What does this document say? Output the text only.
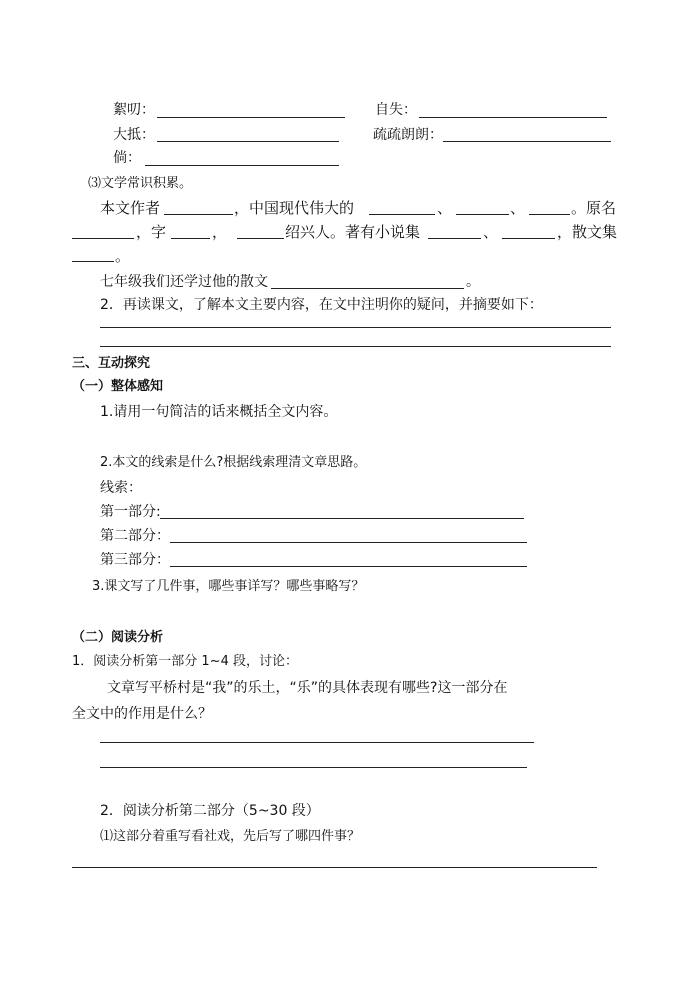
絮叨：	自失：
大抵：	疏疏朗朗：
倘：
⑶文学常识积累。
本文作者	，中国现代伟大的	、	、	。原名
，字	，	绍兴人。著有小说集	、	，散文集
。
七年级我们还学过他的散文	。
2．再读课文，了解本文主要内容，在文中注明你的疑问，并摘要如下：
三、互动探究
（一）整体感知
1.请用一句简洁的话来概括全文内容。
2.本文的线索是什么?根据线索理清文章思路。
线索：
第一部分:
第二部分：
第三部分：
3.课文写了几件事，哪些事详写？哪些事略写？
（二）阅读分析
1．阅读分析第一部分 1~4 段，讨论：
文章写平桥村是“我”的乐土，“乐”的具体表现有哪些?这一部分在
全文中的作用是什么？
2．阅读分析第二部分（5~30 段）
⑴这部分着重写看社戏，先后写了哪四件事？
